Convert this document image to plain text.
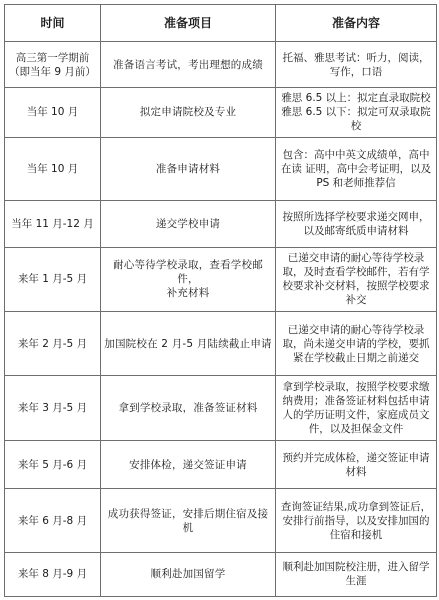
时间	准备项目	准备内容

高三第一学期前
（即当年 9 月前）	准备语言考试，考出理想的成绩	托福、雅思考试：听力，阅读，
写作，口语

当年 10 月	拟定申请院校及专业	雅思 6.5 以上：拟定直录取院校
雅思 6.5 以下：拟定可双录取院
校

当年 10 月	准备申请材料	包含：高中中英文成绩单，高中
在读 证明，高中会考证明，以及
PS 和老师推荐信

当年 11 月-12 月	递交学校申请	按照所选择学校要求递交网申，
以及邮寄纸质申请材料

来年 1 月-5 月	耐心等待学校录取，查看学校邮件，
补充材料	已递交申请的耐心等待学校录
取，及时查看学校邮件，若有学
校要求补交材料，按照学校要求
补交

来年 2 月-5 月	加国院校在 2 月-5 月陆续截止申请	已递交申请的耐心等待学校录
取，尚未递交申请的学校，要抓
紧在学校截止日期之前递交

来年 3 月-5 月	拿到学校录取，准备签证材料	拿到学校录取，按照学校要求缴
纳费用；准备签证材料包括申请
人的学历证明文件，家庭成员文
件，以及担保金文件

来年 5 月-6 月	安排体检，递交签证申请	预约并完成体检，递交签证申请
材料

来年 6 月-8 月	成功获得签证，安排后期住宿及接机	查询签证结果,成功拿到签证后，
安排行前指导，以及安排加国的
住宿和接机

来年 8 月-9 月	顺利赴加国留学	顺利赴加国院校注册，进入留学
生涯
